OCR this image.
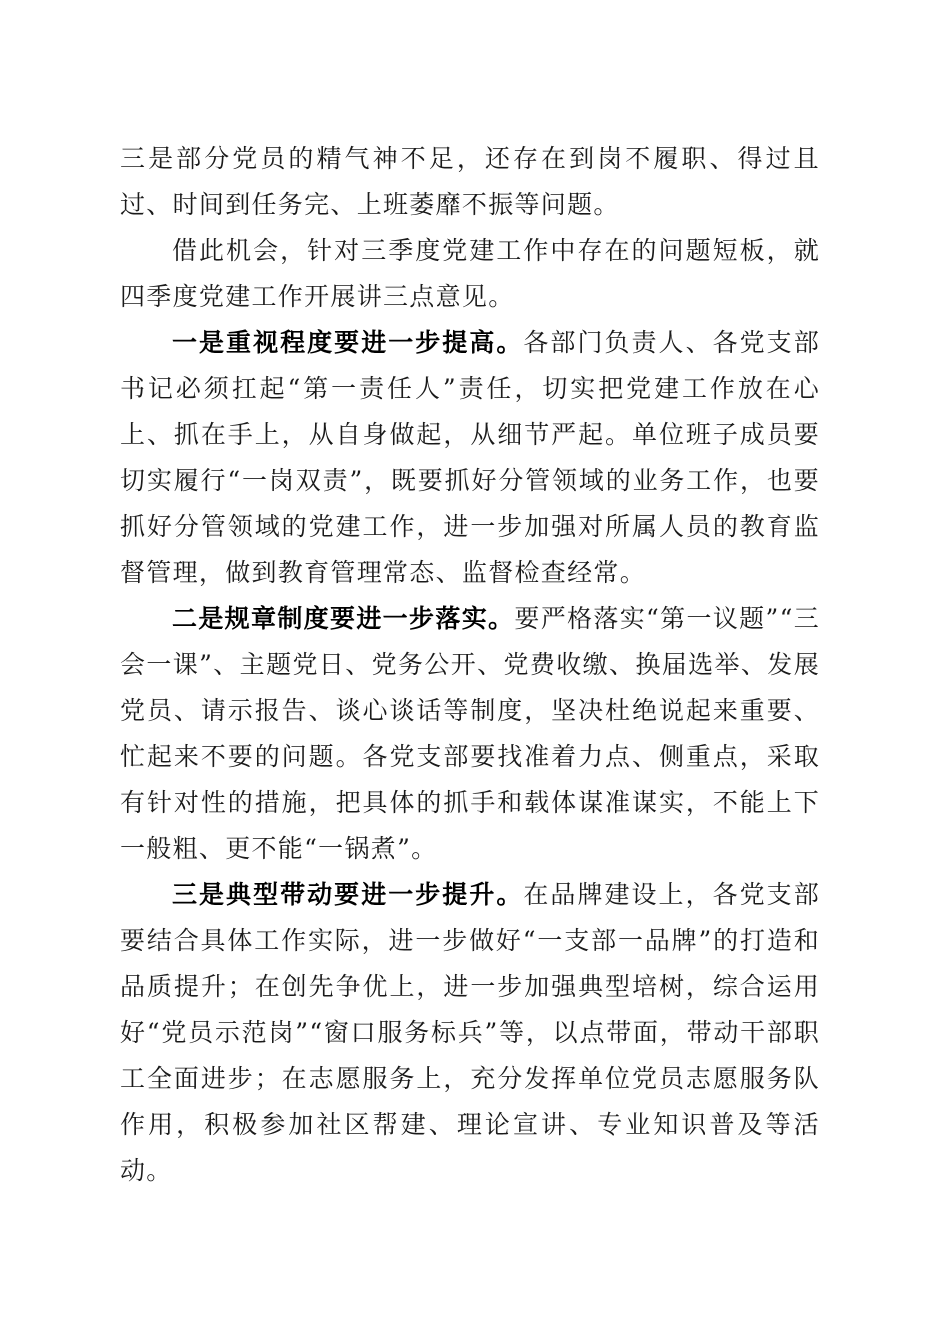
三是部分党员的精气神不足，还存在到岗不履职、得过且过、时间到任务完、上班萎靡不振等问题。

借此机会，针对三季度党建工作中存在的问题短板，就四季度党建工作开展讲三点意见。

一是重视程度要进一步提高。各部门负责人、各党支部书记必须扛起“第一责任人”责任，切实把党建工作放在心上、抓在手上，从自身做起，从细节严起。单位班子成员要切实履行“一岗双责”，既要抓好分管领域的业务工作，也要抓好分管领域的党建工作，进一步加强对所属人员的教育监督管理，做到教育管理常态、监督检查经常。

二是规章制度要进一步落实。要严格落实“第一议题”“三会一课”、主题党日、党务公开、党费收缴、换届选举、发展党员、请示报告、谈心谈话等制度，坚决杜绝说起来重要、忙起来不要的问题。各党支部要找准着力点、侧重点，采取有针对性的措施，把具体的抓手和载体谋准谋实，不能上下一般粗、更不能“一锅煮”。

三是典型带动要进一步提升。在品牌建设上，各党支部要结合具体工作实际，进一步做好“一支部一品牌”的打造和品质提升；在创先争优上，进一步加强典型培树，综合运用好“党员示范岗”“窗口服务标兵”等，以点带面，带动干部职工全面进步；在志愿服务上，充分发挥单位党员志愿服务队作用，积极参加社区帮建、理论宣讲、专业知识普及等活动。
